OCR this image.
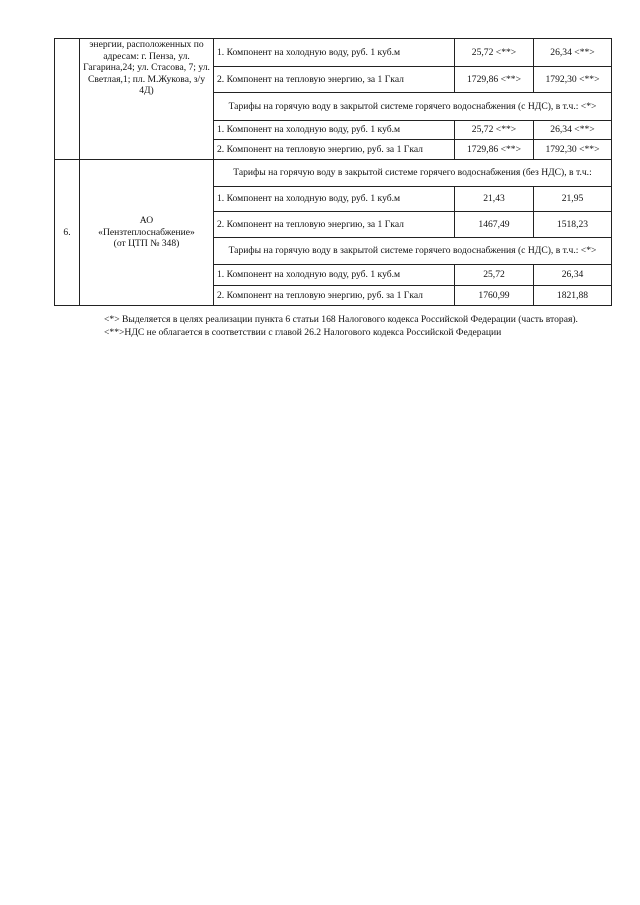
	энергии, расположенных по адресам: г. Пенза, ул. Гагарина,24; ул. Стасова, 7; ул. Светлая,1; пл. М.Жукова, з/у 4Д)	1. Компонент на холодную воду, руб. 1 куб.м	25,72 <**>	26,34 <**>
		2. Компонент на тепловую энергию, за 1 Гкал	1729,86 <**>	1792,30 <**>
		Тарифы на горячую воду в закрытой системе горячего водоснабжения (с НДС), в т.ч.: <*>		
		1. Компонент на холодную воду, руб. 1 куб.м	25,72 <**>	26,34 <**>
		2. Компонент на тепловую энергию, руб. за 1 Гкал	1729,86 <**>	1792,30 <**>
6.	АО
«Пензтеплоснабжение»
(от ЦТП № 348)	Тарифы на горячую воду в закрытой системе горячего водоснабжения (без НДС), в т.ч.:		
		1. Компонент на холодную воду, руб. 1 куб.м	21,43	21,95
		2. Компонент на тепловую энергию, за 1 Гкал	1467,49	1518,23
		Тарифы на горячую воду в закрытой системе горячего водоснабжения (с НДС), в т.ч.: <*>		
		1. Компонент на холодную воду, руб. 1 куб.м	25,72	26,34
		2. Компонент на тепловую энергию, руб. за 1 Гкал	1760,99	1821,88

<*> Выделяется в целях реализации пункта 6 статьи 168 Налогового кодекса Российской Федерации (часть вторая).

<**>НДС не облагается в соответствии с главой 26.2 Налогового кодекса Российской Федерации
